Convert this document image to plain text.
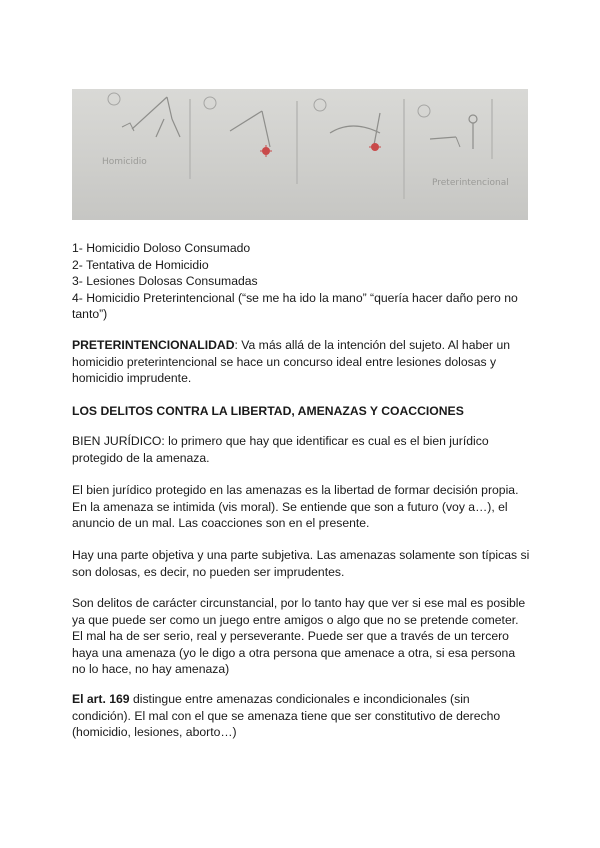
Homicidio
Preterintencional

1- Homicidio Doloso Consumado

2- Tentativa de Homicidio

3- Lesiones Dolosas Consumadas

4- Homicidio Preterintencional (“se me ha ido la mano” “quería hacer daño pero no

tanto”)

PRETERINTENCIONALIDAD: Va más allá de la intención del sujeto. Al haber un homicidio preterintencional se hace un concurso ideal entre lesiones dolosas y homicidio imprudente.

LOS DELITOS CONTRA LA LIBERTAD, AMENAZAS Y COACCIONES
BIEN JURÍDICO: lo primero que hay que identificar es cual es el bien jurídico protegido de la amenaza.
El bien jurídico protegido en las amenazas es la libertad de formar decisión propia. En la amenaza se intimida (vis moral). Se entiende que son a futuro (voy a…), el anuncio de un mal. Las coacciones son en el presente.
Hay una parte objetiva y una parte subjetiva. Las amenazas solamente son típicas si son dolosas, es decir, no pueden ser imprudentes.
Son delitos de carácter circunstancial, por lo tanto hay que ver si ese mal es posible ya que puede ser como un juego entre amigos o algo que no se pretende cometer. El mal ha de ser serio, real y perseverante. Puede ser que a través de un tercero haya una amenaza (yo le digo a otra persona que amenace a otra, si esa persona no lo hace, no hay amenaza)

El art. 169 distingue entre amenazas condicionales e incondicionales (sin condición). El mal con el que se amenaza tiene que ser constitutivo de derecho (homicidio, lesiones, aborto…)
